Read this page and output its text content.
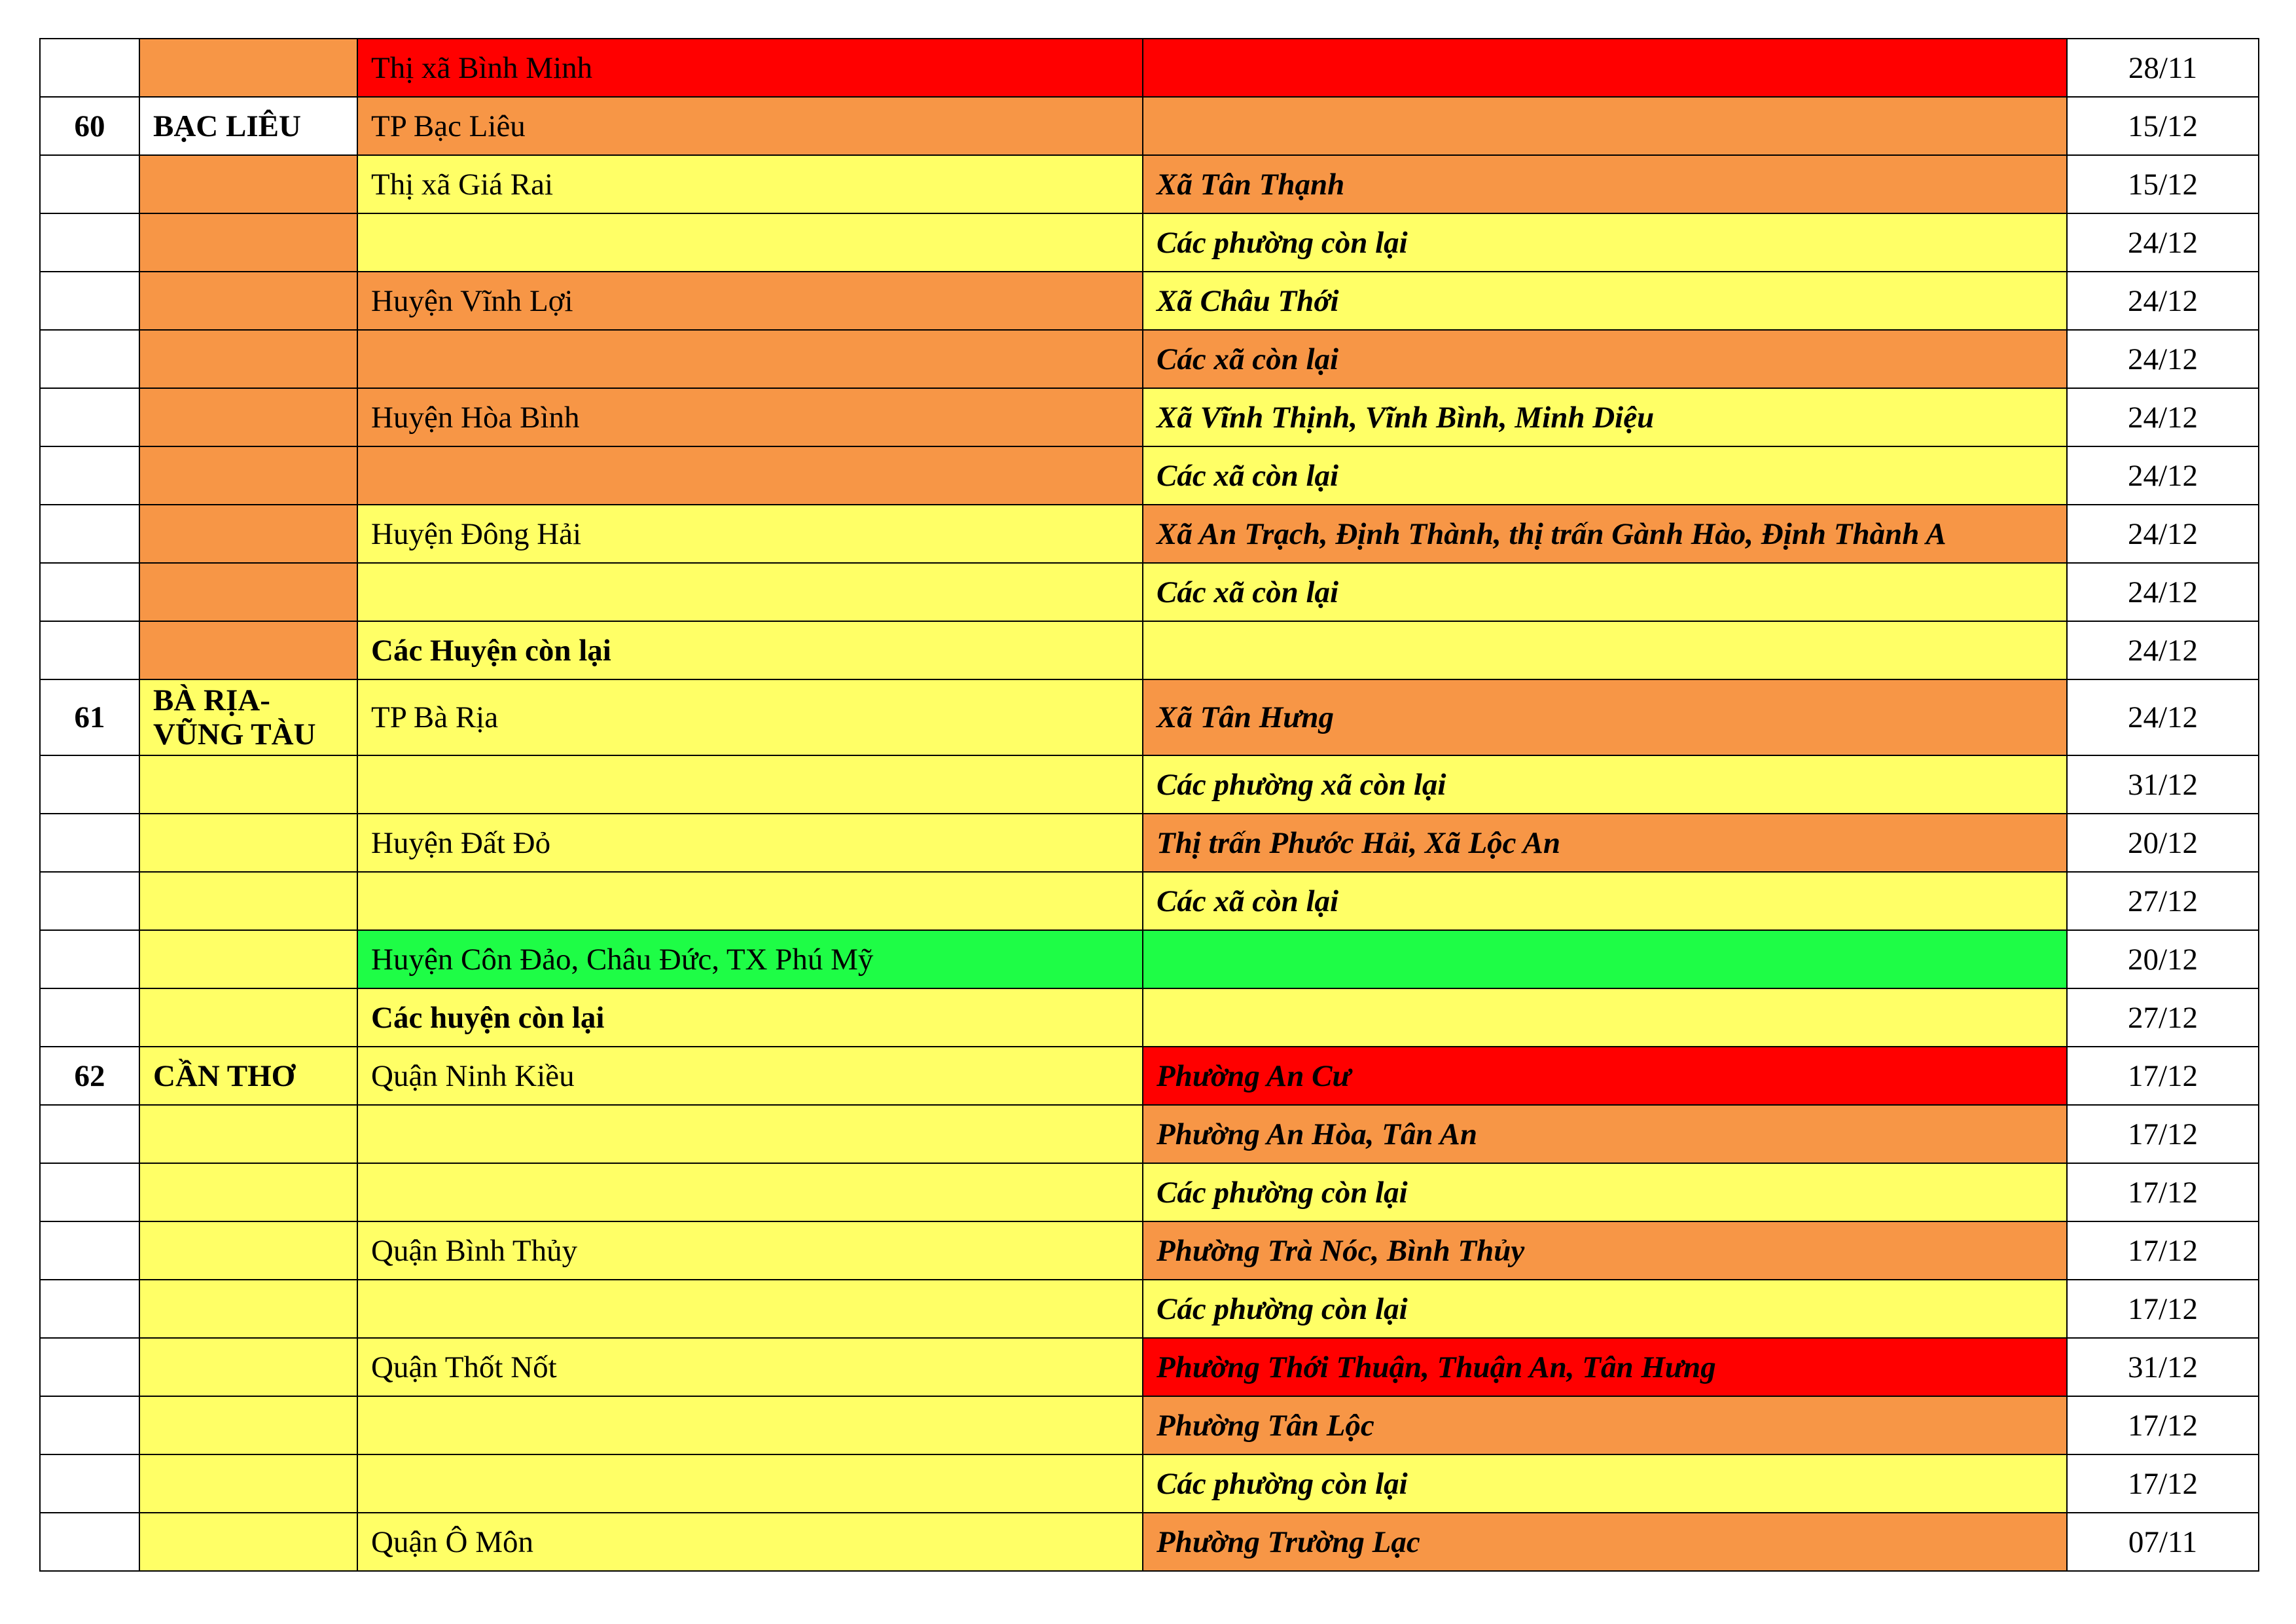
		Thị xã Bình Minh		28/11
60	BẠC LIÊU	TP Bạc Liêu		15/12
		Thị xã Giá Rai	Xã Tân Thạnh	15/12
			Các phường còn lại	24/12
		Huyện Vĩnh Lợi	Xã Châu Thới	24/12
			Các xã còn lại	24/12
		Huyện Hòa Bình	Xã Vĩnh Thịnh, Vĩnh Bình, Minh Diệu	24/12
			Các xã còn lại	24/12
		Huyện Đông Hải	Xã An Trạch, Định Thành, thị trấn Gành Hào, Định Thành A	24/12
			Các xã còn lại	24/12
		Các Huyện còn lại		24/12
61	BÀ RỊA-VŨNG TÀU	TP Bà Rịa	Xã Tân Hưng	24/12
			Các phường xã còn lại	31/12
		Huyện Đất Đỏ	Thị trấn Phước Hải, Xã Lộc An	20/12
			Các xã còn lại	27/12
		Huyện Côn Đảo, Châu Đức, TX Phú Mỹ		20/12
		Các huyện còn lại		27/12
62	CẦN THƠ	Quận Ninh Kiều	Phường An Cư	17/12
			Phường An Hòa, Tân An	17/12
			Các phường còn lại	17/12
		Quận Bình Thủy	Phường Trà Nóc, Bình Thủy	17/12
			Các phường còn lại	17/12
		Quận Thốt Nốt	Phường Thới Thuận, Thuận An, Tân Hưng	31/12
			Phường Tân Lộc	17/12
			Các phường còn lại	17/12
		Quận Ô Môn	Phường Trường Lạc	07/11
